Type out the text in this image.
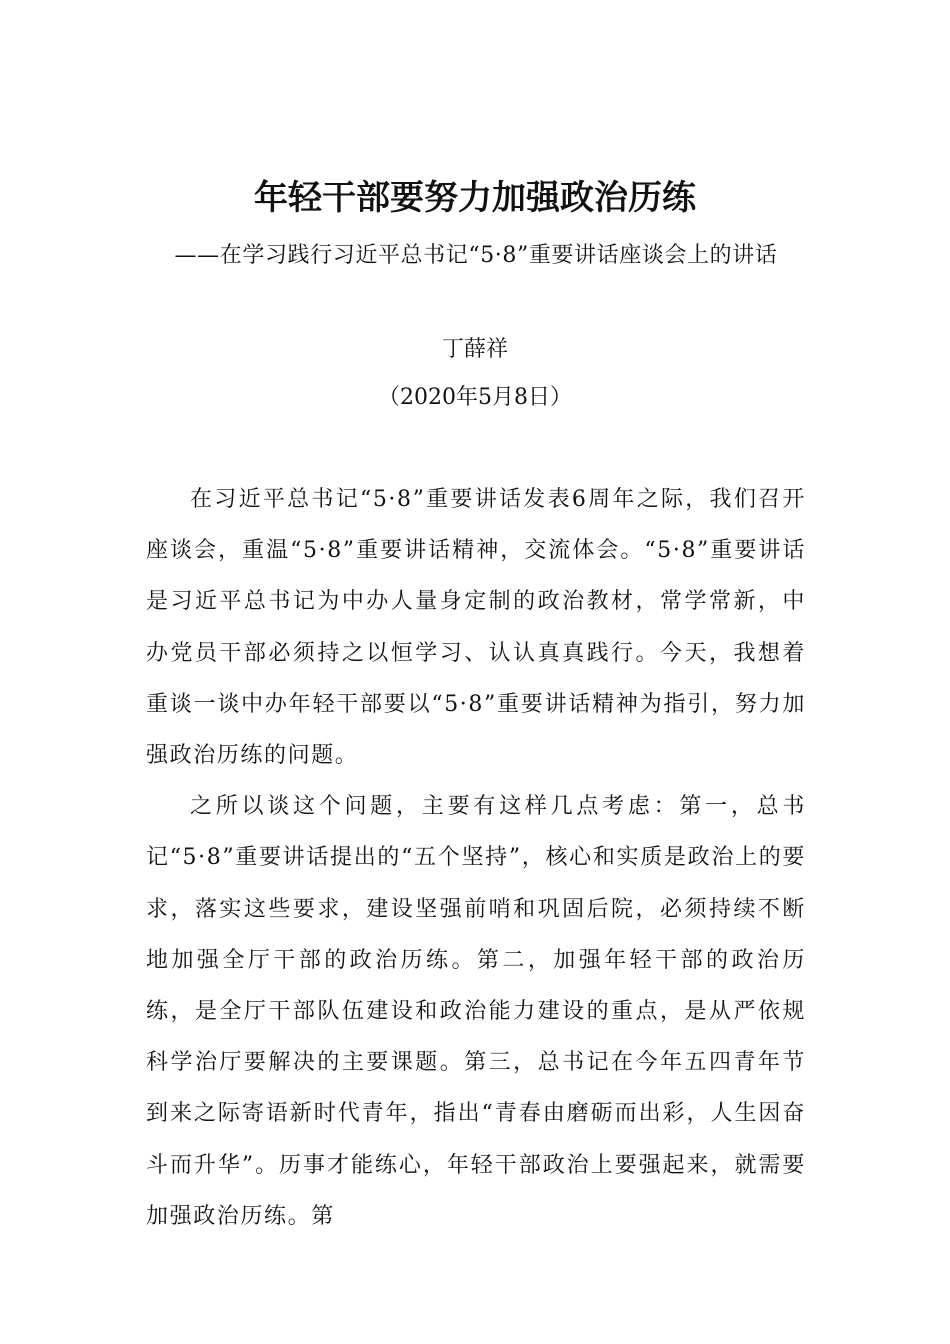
年轻干部要努力加强政治历练
——在学习践行习近平总书记“5·8”重要讲话座谈会上的讲话
丁薛祥
（2020年5月8日）

在习近平总书记“5·8”重要讲话发表6周年之际，我们召开座谈会，重温“5·8”重要讲话精神，交流体会。“5·8”重要讲话是习近平总书记为中办人量身定制的政治教材，常学常新，中办党员干部必须持之以恒学习、认认真真践行。今天，我想着重谈一谈中办年轻干部要以“5·8”重要讲话精神为指引，努力加强政治历练的问题。

之所以谈这个问题，主要有这样几点考虑：第一，总书记“5·8”重要讲话提出的“五个坚持”，核心和实质是政治上的要求，落实这些要求，建设坚强前哨和巩固后院，必须持续不断地加强全厅干部的政治历练。第二，加强年轻干部的政治历练，是全厅干部队伍建设和政治能力建设的重点，是从严依规科学治厅要解决的主要课题。第三，总书记在今年五四青年节到来之际寄语新时代青年，指出“青春由磨砺而出彩，人生因奋斗而升华”。历事才能练心，年轻干部政治上要强起来，就需要加强政治历练。第
